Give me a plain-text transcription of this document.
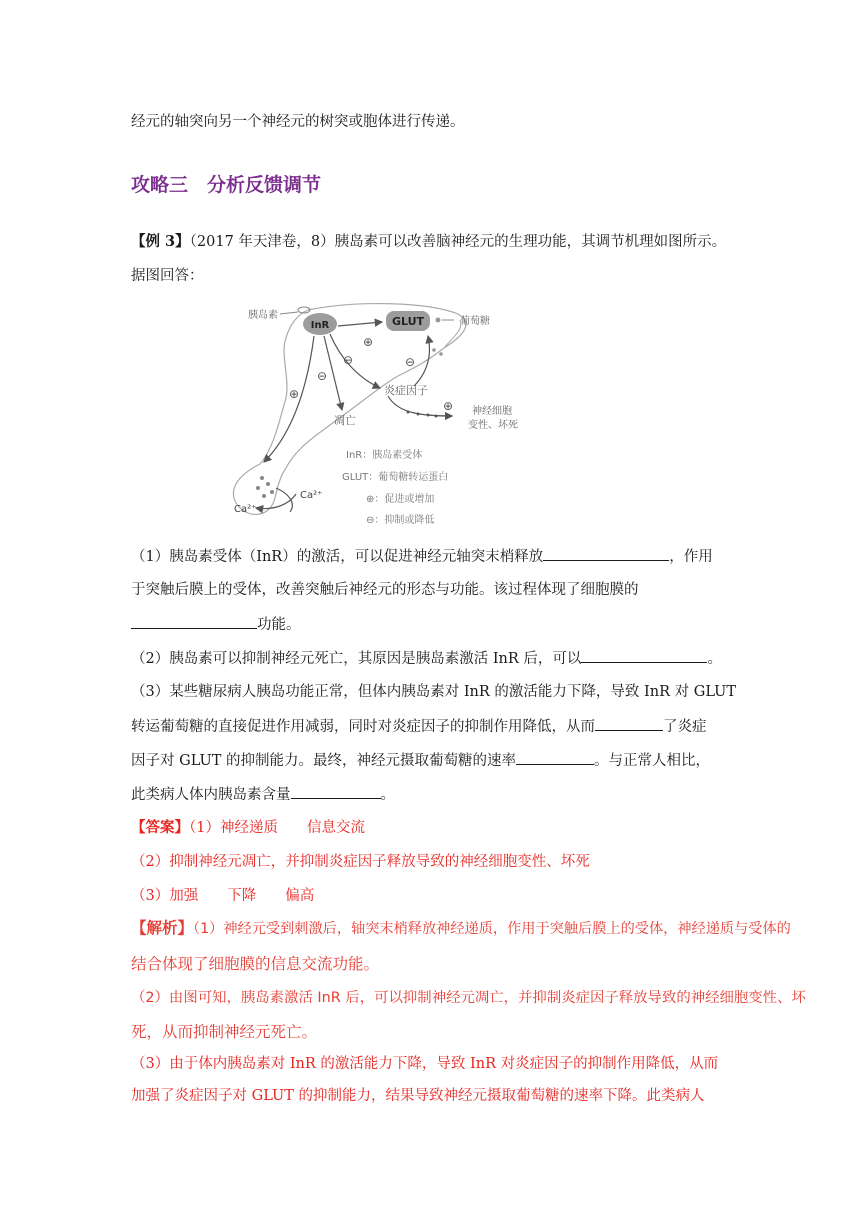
经元的轴突向另一个神经元的树突或胞体进行传递。
攻略三　分析反馈调节
【例 3】（2017 年天津卷，8）胰岛素可以改善脑神经元的生理功能，其调节机理如图所示。
据图回答：
InR
胰岛素	GLUT	葡萄糖
⊕
⊖
⊖
⊕
⊖
⊕
炎症因子
凋亡
神经细胞
变性、坏死
Ca²⁺
Ca²⁺
InR：胰岛素受体
GLUT：葡萄糖转运蛋白
⊕：促进或增加
⊖：抑制或降低
（1）胰岛素受体（InR）的激活，可以促进神经元轴突末梢释放	，作用
于突触后膜上的受体，改善突触后神经元的形态与功能。该过程体现了细胞膜的
功能。
（2）胰岛素可以抑制神经元死亡，其原因是胰岛素激活 InR 后，可以	。
（3）某些糖尿病人胰岛功能正常，但体内胰岛素对 InR 的激活能力下降，导致 InR 对 GLUT
转运葡萄糖的直接促进作用减弱，同时对炎症因子的抑制作用降低，从而	了炎症
因子对 GLUT 的抑制能力。最终，神经元摄取葡萄糖的速率	。与正常人相比，
此类病人体内胰岛素含量	。
【答案】（1）神经递质　　信息交流
（2）抑制神经元凋亡，并抑制炎症因子释放导致的神经细胞变性、坏死
（3）加强　　下降　　偏高
【解析】（1）神经元受到刺激后，轴突末梢释放神经递质，作用于突触后膜上的受体，神经递质与受体的
结合体现了细胞膜的信息交流功能。
（2）由图可知，胰岛素激活 InR 后，可以抑制神经元凋亡，并抑制炎症因子释放导致的神经细胞变性、坏
死，从而抑制神经元死亡。
（3）由于体内胰岛素对 InR 的激活能力下降，导致 InR 对炎症因子的抑制作用降低，从而
加强了炎症因子对 GLUT 的抑制能力，结果导致神经元摄取葡萄糖的速率下降。此类病人
